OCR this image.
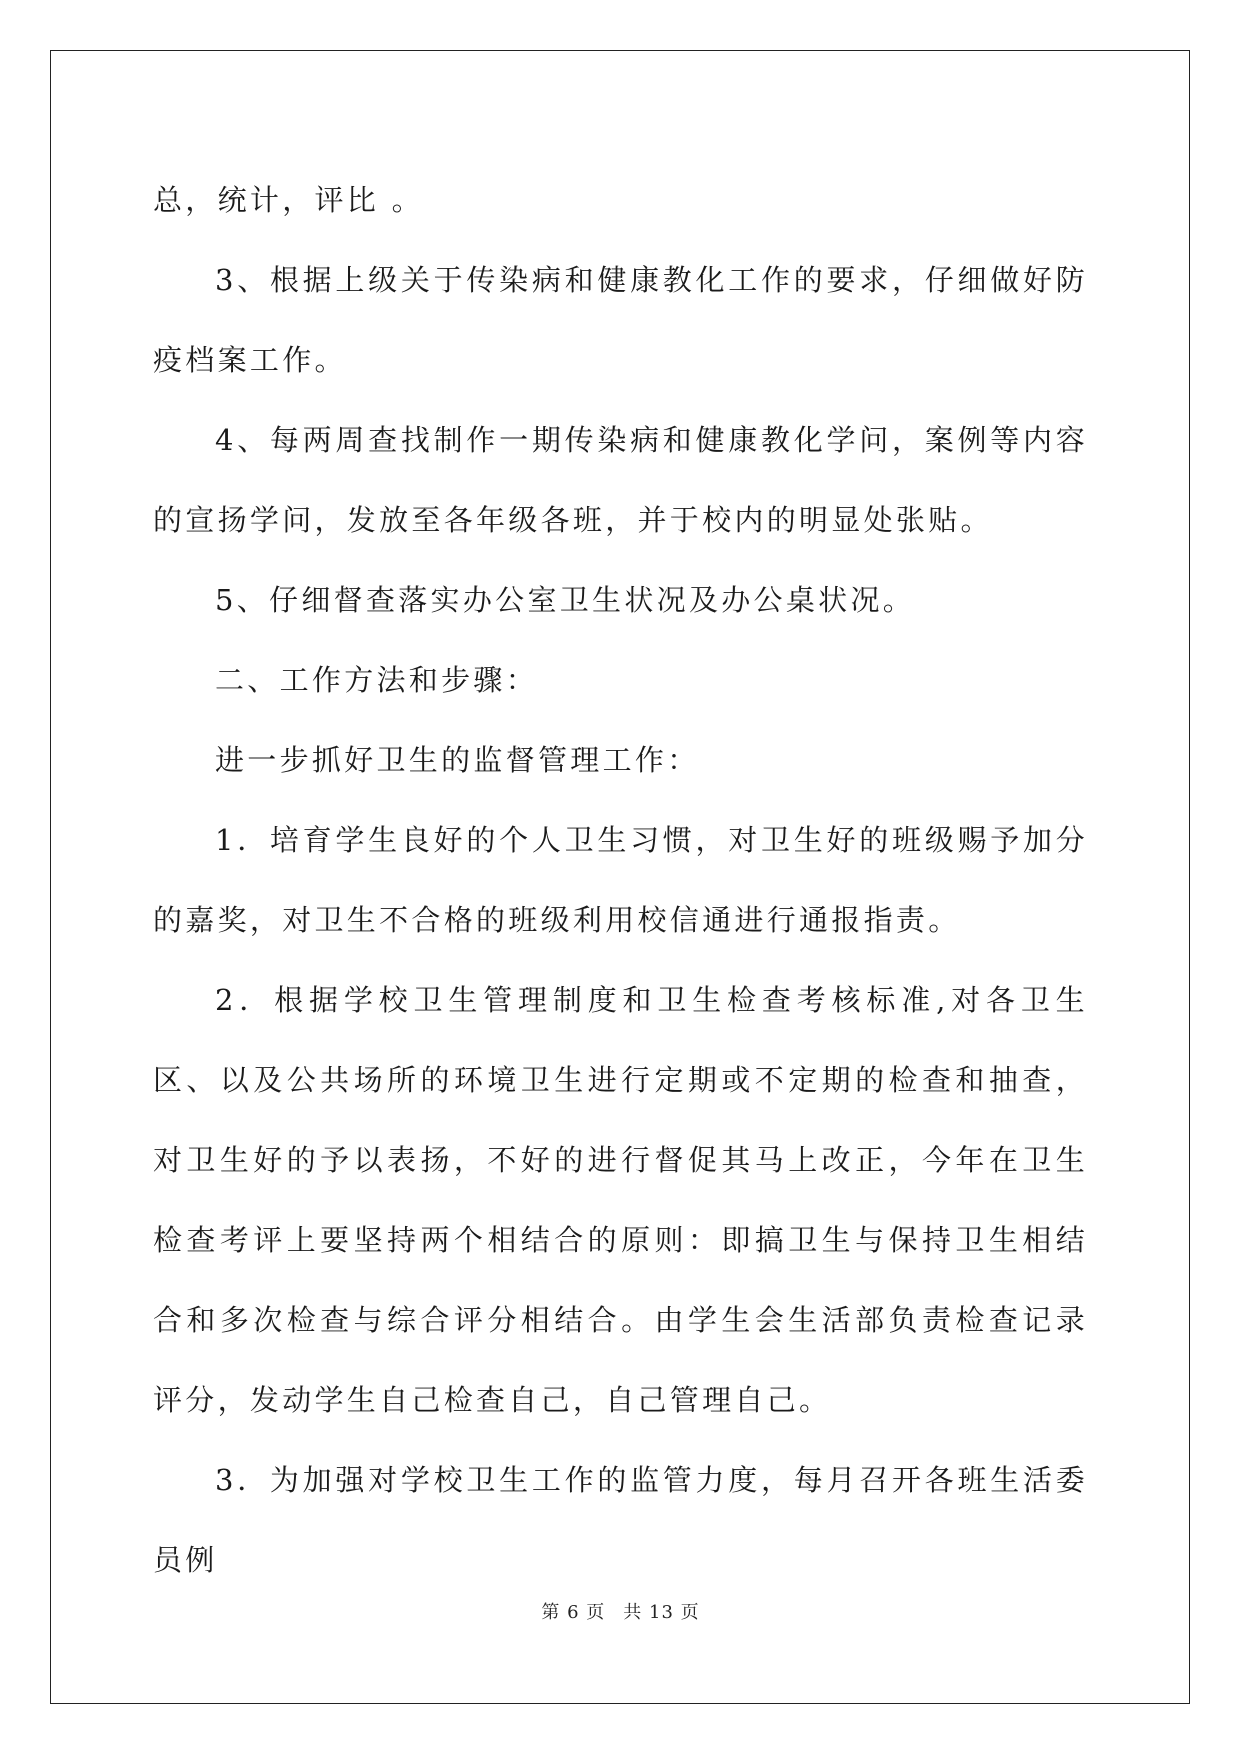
总，统计，评比 。

3、根据上级关于传染病和健康教化工作的要求，仔细做好防疫档案工作。

4、每两周查找制作一期传染病和健康教化学问，案例等内容的宣扬学问，发放至各年级各班，并于校内的明显处张贴。

5、仔细督查落实办公室卫生状况及办公桌状况。

二、工作方法和步骤：

进一步抓好卫生的监督管理工作：

1．培育学生良好的个人卫生习惯，对卫生好的班级赐予加分的嘉奖，对卫生不合格的班级利用校信通进行通报指责。

2．根据学校卫生管理制度和卫生检查考核标准,对各卫生区、以及公共场所的环境卫生进行定期或不定期的检查和抽查，对卫生好的予以表扬，不好的进行督促其马上改正，今年在卫生检查考评上要坚持两个相结合的原则：即搞卫生与保持卫生相结合和多次检查与综合评分相结合。由学生会生活部负责检查记录评分，发动学生自己检查自己，自己管理自己。

3．为加强对学校卫生工作的监管力度，每月召开各班生活委员例

第 6 页 共 13 页
